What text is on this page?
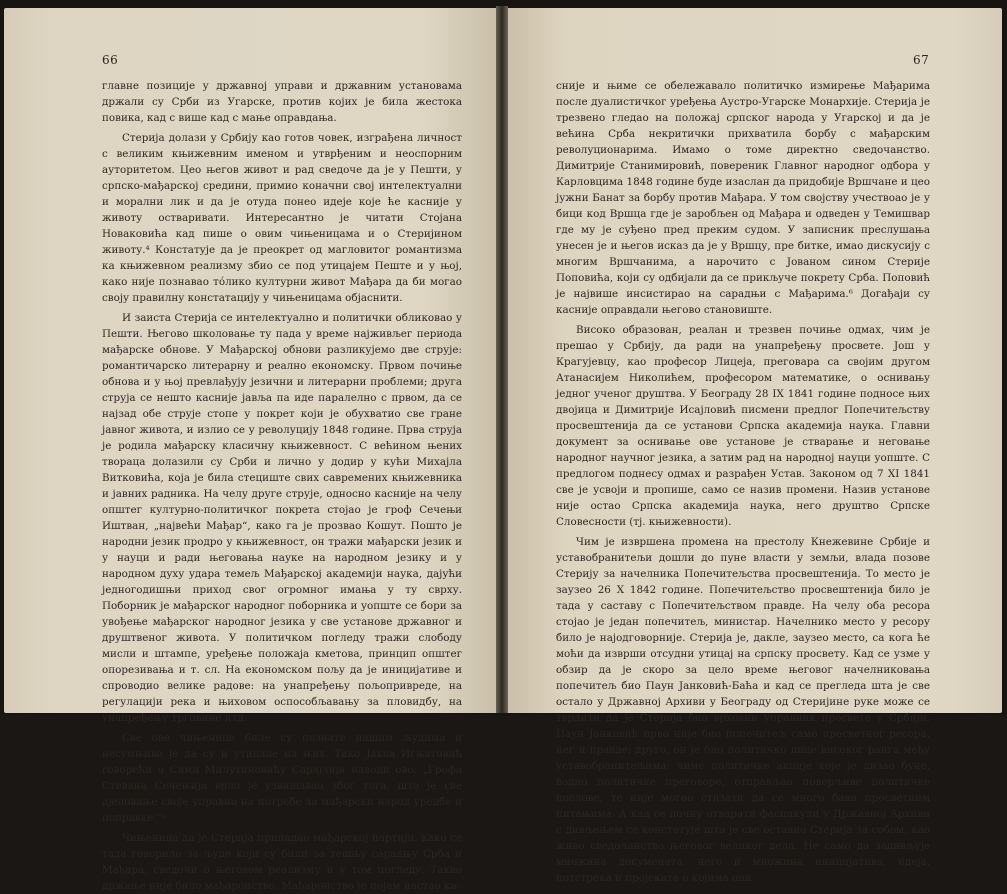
66

главне позиције у државној управи и државним установама држали су Срби из Угарске, против којих је била жестока повика, кад с више кад с мање оправдања.

Стерија долази у Србију као готов човек, изграђена личност с великим књижевним именом и утврђеним и неоспорним ауторитетом. Цео његов живот и рад сведоче да је у Пешти, у српско-мађарској средини, примио коначни свој интелектуални и морални лик и да је отуда понео идеје које ће касније у животу остваривати. Интересантно је читати Стојана Новаковића кад пише о овим чињеницама и о Стеријином животу.⁴ Констатује да је преокрет од магловитог романтизма ка књижевном реализму збио се под утицајем Пеште и у њој, како није познавао тόлико културни живот Мађара да би могао своју правилну констатацију у чињеницама објаснити.

И заиста Стерија се интелектуално и политички обликовао у Пешти. Његово школовање ту пада у време најживљег периода мађарске обнове. У Мађарској обнови разликујемо две струје: романтичарско литерарну и реално економску. Првом почиње обнова и у њој превлађују језични и литерарни проблеми; друга струја се нешто касније јавља па иде паралелно с првом, да се најзад обе струје стопе у покрет који је обухватио све гране јавног живота, и излио се у револуцију 1848 године. Прва струја је родила мађарску класичну књижевност. С већином њених твораца долазили су Срби и лично у додир у кући Михајла Витковића, која је била стециште свих савремених књижевника и јавних радника. На челу друге струје, односно касније на челу општег културно-политичког покрета стојао је гроф Сечењи Иштван, „највећи Мађар“, како га је прозвао Кошут. Пошто је народни језик продро у књижевност, он тражи мађарски језик и у науци и ради његовања науке на народном језику и у народном духу удара темељ Мађарској академији наука, дајући једногодишњи приход свог огромног имања у ту сврху. Поборник је мађарског народног поборника и уопште се бори за увођење мађарског народног језика у све установе државног и друштвеног живота. У политичком погледу тражи слободу мисли и штампе, уређење положаја кметова, принцип општег опорезивања и т. сл. На економском пољу да је иницијативе и спроводио велике радове: на унапређењу пољопривреде, на регулацији река и њиховом оспособљавању за пловидбу, на унапређењу трговине итд.

Све ове чињенице биле су познате нашим људима и несумњиво је да су и утицале на њих. Тако Јаков Игњатовић говорећи о Сими Милутиновићу Сарајлији наводи ово: „Грофа Стевана Сечењија врло је узвишавао због тога, што је све дјеловање своје управио на потребе за мађарски народ уредбе и поправке.“⁵

Чињеница да је Стерија припадао мађарској партији, како се тада говорило за људе који су били за тешњу сарадњу Срба и Мађара, сведочи о његовом реализму и у том погледу. Такво држање није било мађаронство. Мађаронство је појам настао ка-

67

сније и њиме се обележавало политичко измирење Мађарима после дуалистичког уређења Аустро-Угарске Монархије. Стерија је трезвено гледао на положај српског народа у Угарској и да је већина Срба некритички прихватила борбу с мађарским револуционарима. Имамо о томе директно сведочанство. Димитрије Станимировић, повереник Главног народног одбора у Карловцима 1848 године буде изаслан да придобије Вршчане и цео јужни Банат за борбу против Мађара. У том својству учествоао је у бици код Вршца где је заробљен од Мађара и одведен у Темишвар где му је суђено пред преким судом. У записник преслушања унесен је и његов исказ да је у Вршцу, пре битке, имао дискусију с многим Вршчанима, а нарочито с Јованом сином Стерије Поповића, који су одбијали да се прикључе покрету Срба. Поповић је највише инсистирао на сарадњи с Мађарима.⁶ Догађаји су касније оправдали његово становиште.

Високо образован, реалан и трезвен почиње одмах, чим је прешао у Србију, да ради на унапређењу просвете. Још у Крагујевцу, као професор Лицеја, преговара са својим другом Атанасијем Николићем, професором математике, о оснивању једног ученог друштва. У Београду 28 IX 1841 године подносе њих двојица и Димитрије Исајловић писмени предлог Попечитељству просвештенија да се установи Српска академија наука. Главни документ за оснивање ове установе је стварање и неговање народног научног језика, а затим рад на народној науци уопште. С предлогом поднесу одмах и разрађен Устав. Законом од 7 XI 1841 све је усвоји и пропише, само се назив промени. Назив установе није остао Српска академија наука, него друштво Српске Словесности (тј. књижевности).

Чим је извршена промена на престолу Кнежевине Србије и уставобранитељи дошли до пуне власти у земљи, влада позове Стерију за начелника Попечитељства просвештенија. То место је заузео 26 X 1842 године. Попечитељство просвештенија било је тада у саставу с Попечитељством правде. На челу оба ресора стојао је један попечитељ, министар. Начелнико место у ресору било је најодговорније. Стерија је, дакле, заузео место, са кога ће моћи да изврши отсудни утицај на српску просвету. Кад се узме у обзир да је скоро за цело време његовог начелниковања попечитељ био Паун Јанковић-Баћа и кад се прегледа шта је све остало у Државној Архиви у Београду од Стеријине руке може се тврдити да је Стерија био врховни управник просвете у Србији. Паун Јанковић прво није био попечитељ само просветног ресора, нег и правде; друго, он је био политичко лице високог ранга међу уставобранитељима; чиме политичке акције које је дизао буне, водио политичке преговоре, отправљао поверљиве политичке послове, те није могао стизати да се много бави просветним питањима. А кад се почну отварати фасцикули у Државној Архиви с дивљењем се констатује шта је све оставио Стерија за собом, као живо сведочанство његовог великог дела. Не само да задивљује множина докумената, него и множина иницијатива, идеја, потстрека и пројеката о којима они
